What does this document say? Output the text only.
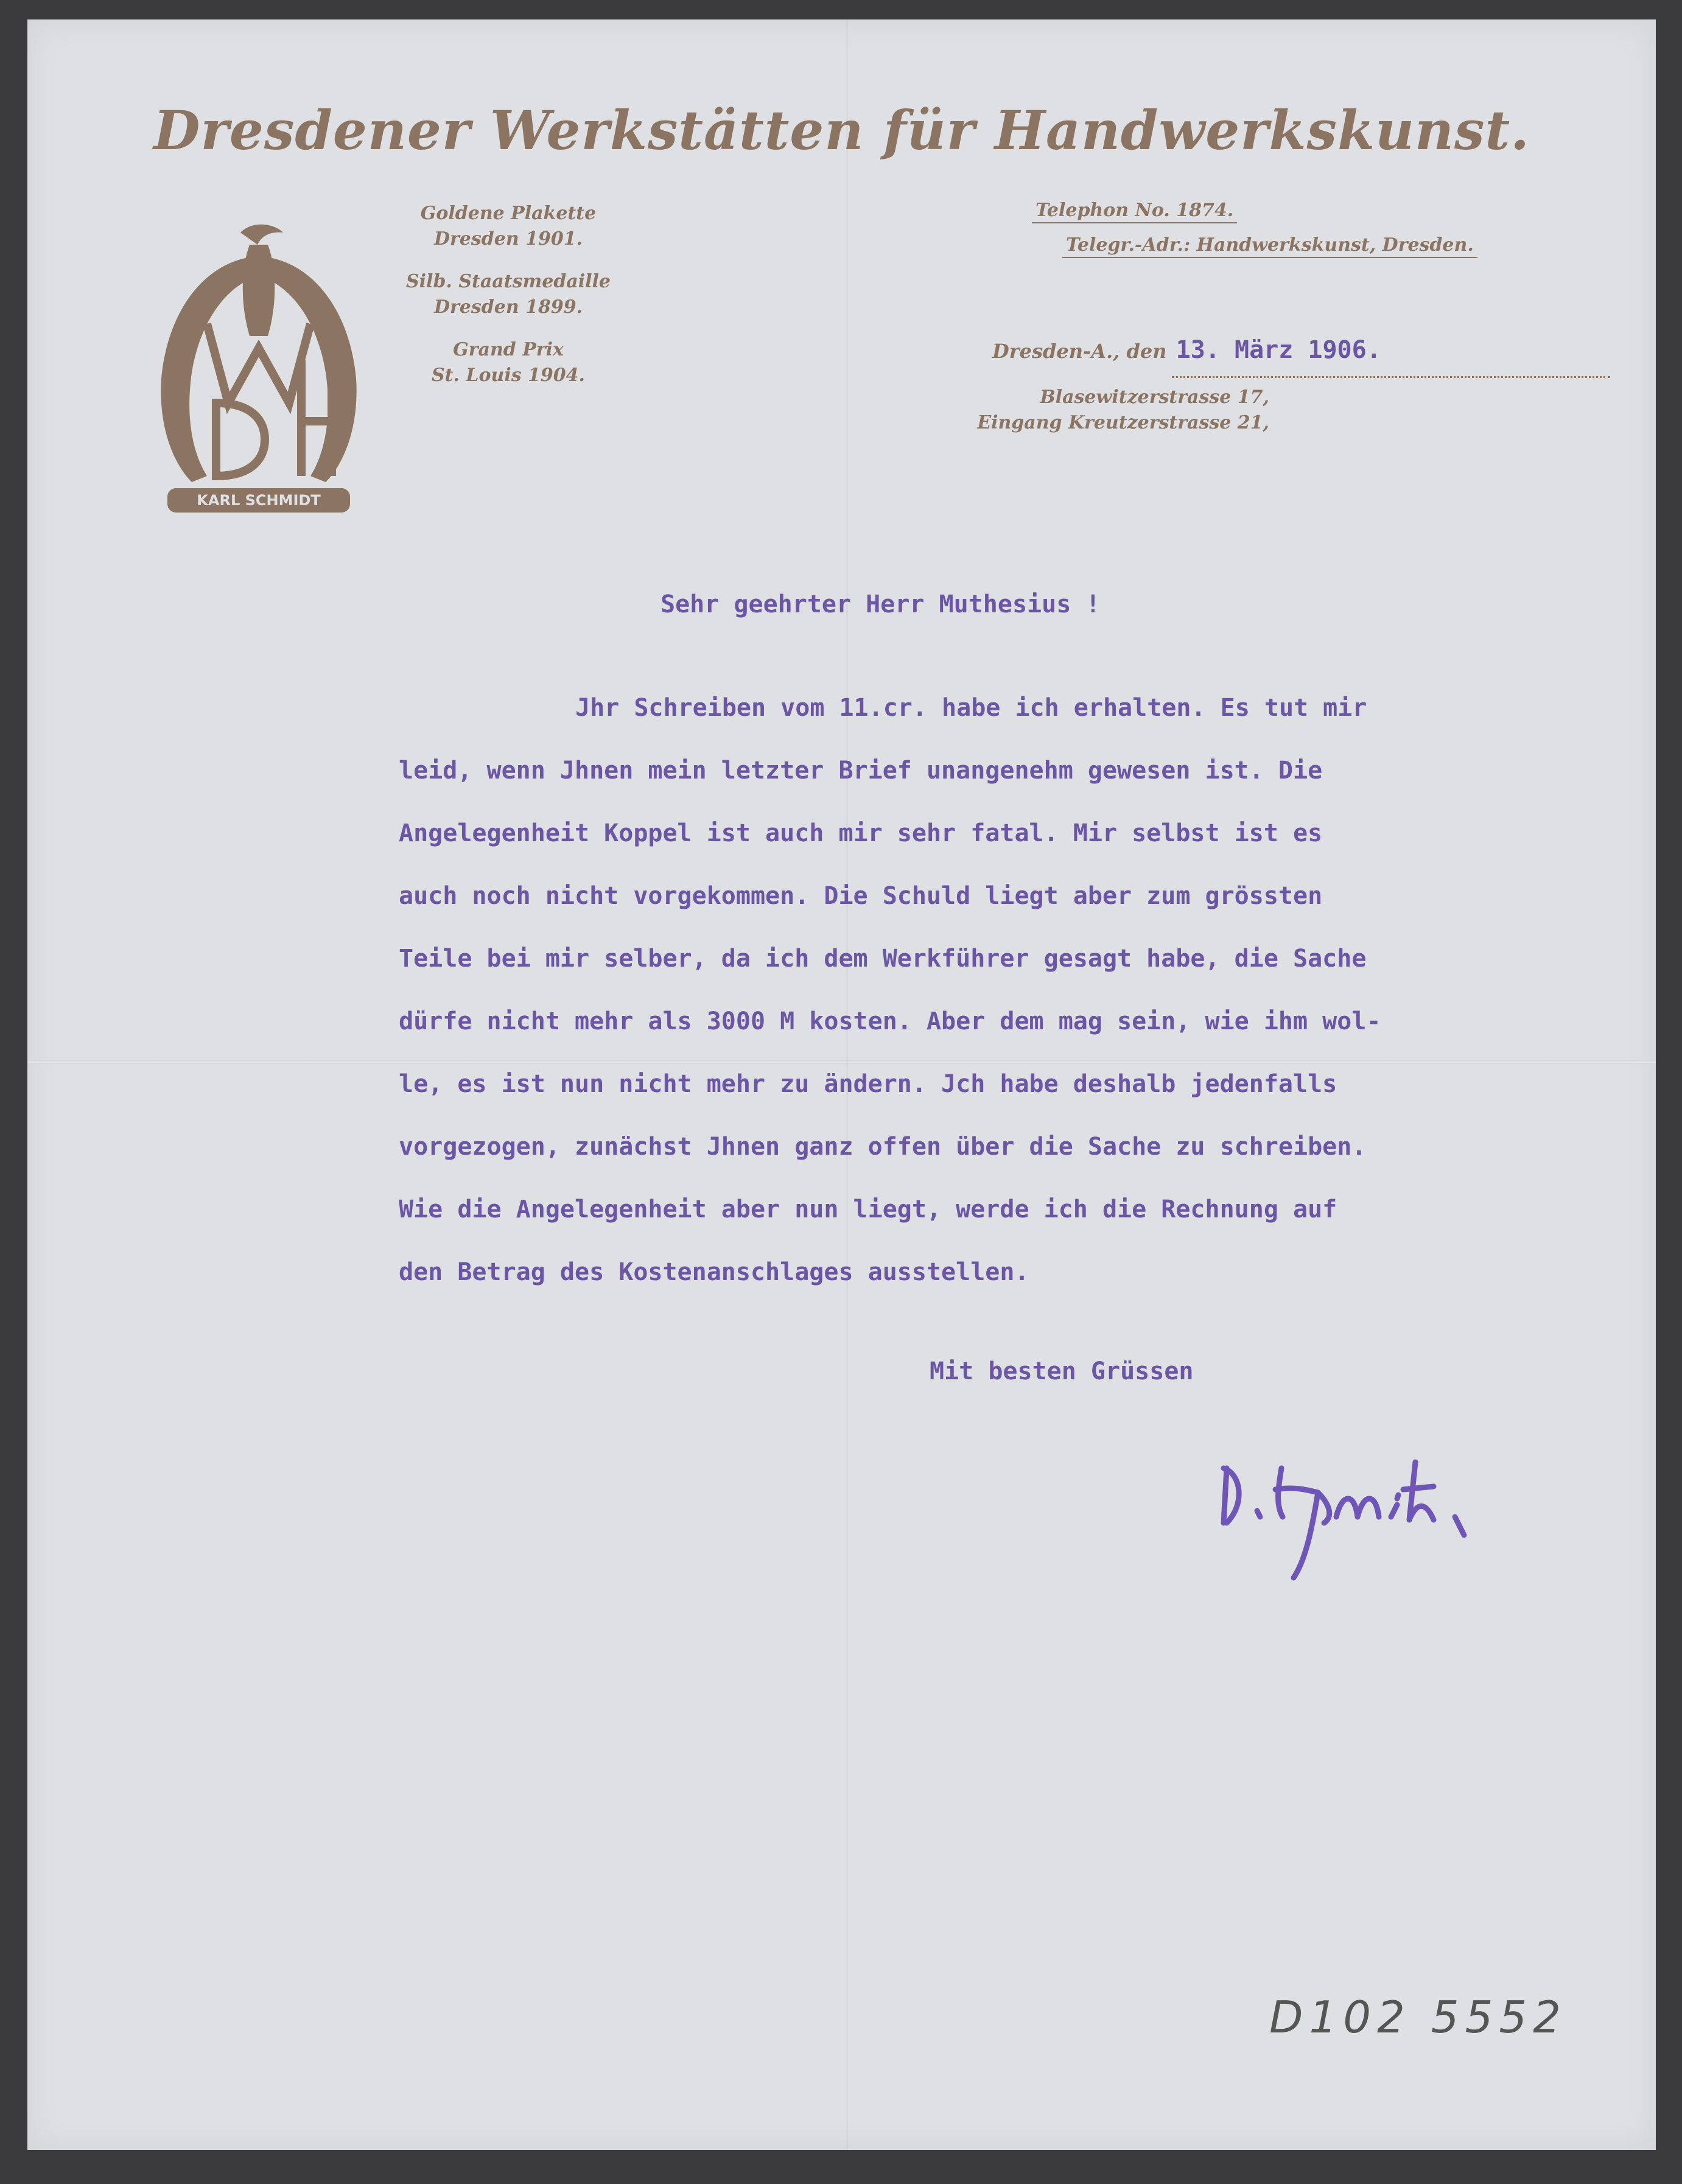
Dresdener Werkstätten für Handwerkskunst.
KARL SCHMIDT
Goldene Plakette
Dresden 1901.
Silb. Staatsmedaille
Dresden 1899.
Grand Prix
St. Louis 1904.
Telephon No. 1874.
Telegr.-Adr.: Handwerkskunst, Dresden.
Dresden-A., den 13. März 1906.
Blasewitzerstrasse 17,
Eingang Kreutzerstrasse 21,
Sehr geehrter Herr Muthesius !
Jhr Schreiben vom 11.cr. habe ich erhalten. Es tut mir
leid, wenn Jhnen mein letzter Brief unangenehm gewesen ist. Die
Angelegenheit Koppel ist auch mir sehr fatal. Mir selbst ist es
auch noch nicht vorgekommen. Die Schuld liegt aber zum grössten
Teile bei mir selber, da ich dem Werkführer gesagt habe, die Sache
dürfe nicht mehr als 3000 M kosten. Aber dem mag sein, wie ihm wol-
le, es ist nun nicht mehr zu ändern. Jch habe deshalb jedenfalls
vorgezogen, zunächst Jhnen ganz offen über die Sache zu schreiben.
Wie die Angelegenheit aber nun liegt, werde ich die Rechnung auf
den Betrag des Kostenanschlages ausstellen.
Mit besten Grüssen
D102 5552
